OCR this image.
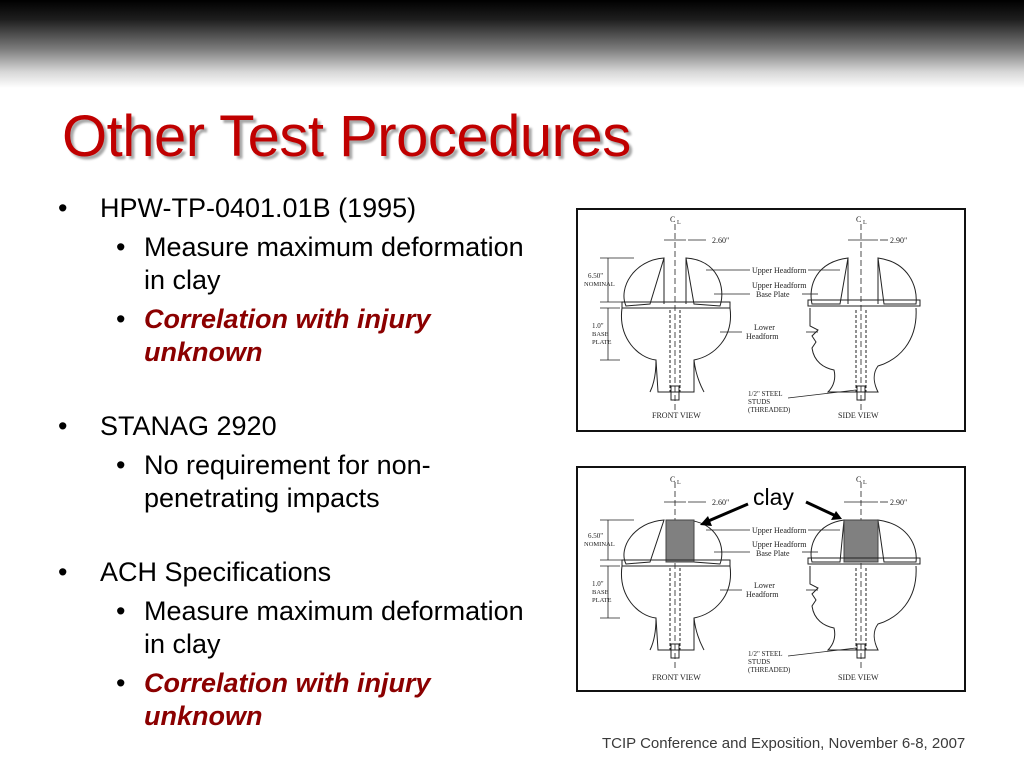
Other Test Procedures
• HPW-TP-0401.01B (1995)
• Measure maximum deformation in clay
• Correlation with injury unknown
• STANAG 2920
• No requirement for non-penetrating impacts
• ACH Specifications
• Measure maximum deformation in clay
• Correlation with injury unknown
C L	C L
2.60"	2.90"
6.50"
NOMINAL
1.0"
BASE
PLATE
Upper Headform
Upper Headform
Base Plate
Lower
Headform
1/2" STEEL
STUDS
(THREADED)
FRONT VIEW	SIDE VIEW
C L	C L
2.60"	2.90"
6.50"
NOMINAL
1.0"
BASE
PLATE
Upper Headform
Upper Headform
Base Plate
Lower
Headform
1/2" STEEL
STUDS
(THREADED)
FRONT VIEW	SIDE VIEW
clay
TCIP Conference and Exposition, November 6-8, 2007
